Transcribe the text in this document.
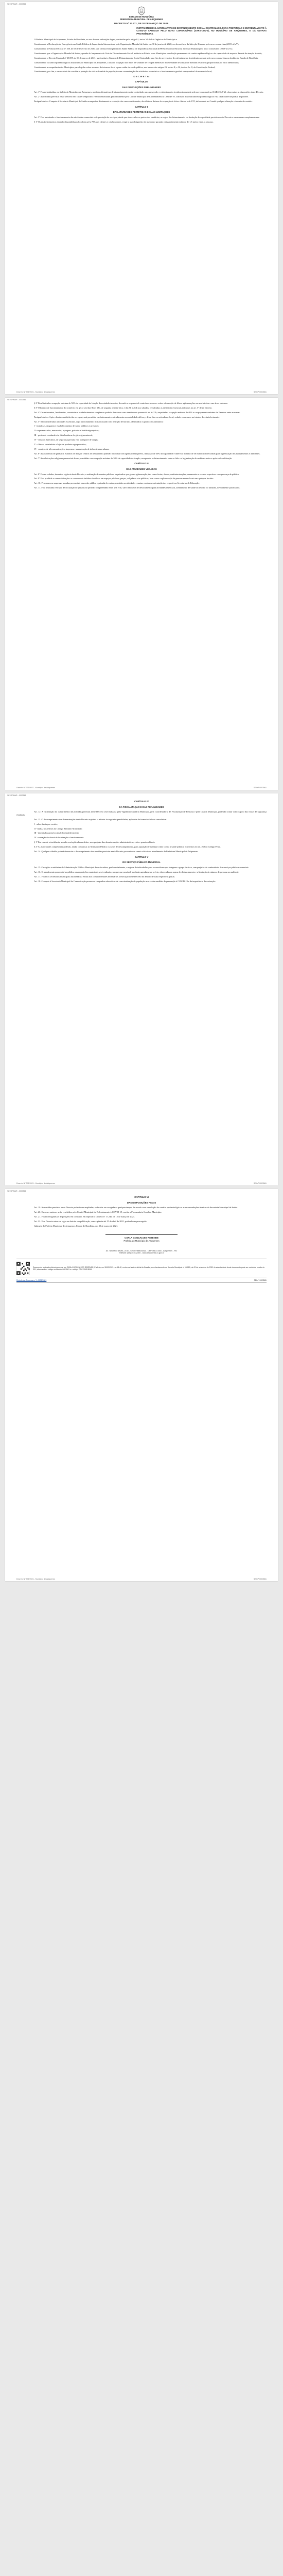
SEI/SPMAR - 0003561
ESTADO DE RONDÔNIA
PREFEITURA MUNICIPAL DE ARIQUEMES
DECRETO Nº 17.371, DE 30 DE MARÇO DE 2021.
INSTITUI MEDIDAS ALTERNATIVAS DE DISTANCIAMENTO SOCIAL CONTROLADO, PARA PREVENÇÃO E ENFRENTAMENTO À COVID-19 CAUSADA PELO NOVO CORONAVÍRUS (SARS-COV-2), NO MUNICÍPIO DE ARIQUEMES, E DÁ OUTRAS PROVIDÊNCIAS.

O Prefeito Municipal de Ariquemes, Estado de Rondônia, no uso de suas atribuições legais, conferidas pelo artigo 61, inciso VI da Lei Orgânica do Município e

Considerando a Declaração de Emergência em Saúde Pública de Importância Internacional pela Organização Mundial da Saúde em 30 de janeiro de 2020, em decorrência da Infecção Humana pelo novo coronavírus (2019-nCoV);

Considerando a Portaria MS/GM nº 188, de 03 de fevereiro de 2020, que Declara Emergência em Saúde Pública de Importância Nacional (ESPIN) em decorrência da Infecção Humana pelo novo coronavírus (2019-nCoV);

Considerando que a Organização Mundial de Saúde, quando do lançamento do Guia de Distanciamento Social, atribuiu ao Estado e aos Municípios a avaliação permanente do cenário epidemiológico e da capacidade de resposta da rede de atenção à saúde;

Considerando o Decreto Estadual nº 25.859, de 06 de março de 2021, que institui o Sistema de Distanciamento Social Controlado para fins de prevenção e de enfrentamento à epidemia causada pelo novo coronavírus no âmbito do Estado de Rondônia;

Considerando os dados epidemiológicos atualizados do Município de Ariquemes, a taxa de ocupação dos leitos de Unidade de Terapia Intensiva e a necessidade de adoção de medidas restritivas proporcionais ao risco identificado;

Considerando a competência dos Municípios para legislar sobre assuntos de interesse local e para cuidar da saúde pública, nos termos dos artigos 23, inciso II, e 30, incisos I e II, da Constituição Federal;

Considerando, por fim, a necessidade de conciliar a proteção da vida e da saúde da população com a manutenção das atividades essenciais e o funcionamento gradual e responsável da economia local;

D E C R E T A:
CAPÍTULO I
DAS DISPOSIÇÕES PRELIMINARES

Art. 1º Ficam instituídas, no âmbito do Município de Ariquemes, medidas alternativas de distanciamento social controlado, para prevenção e enfrentamento à epidemia causada pelo novo coronavírus (SARS-CoV-2), observadas as disposições deste Decreto.

Art. 2º As medidas previstas neste Decreto têm caráter temporário e serão reavaliadas periodicamente pelo Comitê Municipal de Enfrentamento à COVID-19, com base nos indicadores epidemiológicos e na capacidade hospitalar disponível.

Parágrafo único. Compete à Secretaria Municipal de Saúde acompanhar diariamente a evolução dos casos confirmados, dos óbitos e da taxa de ocupação de leitos clínicos e de UTI, informando ao Comitê qualquer alteração relevante do cenário.

CAPÍTULO II
DAS ATIVIDADES PERMITIDAS E SUAS LIMITAÇÕES

Art. 3º Fica autorizado o funcionamento das atividades comerciais e de prestação de serviços, desde que observados os protocolos sanitários, as regras de distanciamento e a limitação de capacidade previstos neste Decreto e nas normas complementares.

§ 1º Os estabelecimentos deverão disponibilizar álcool em gel a 70% aos clientes e colaboradores, exigir o uso obrigatório de máscara e garantir o distanciamento mínimo de 1,5 metro entre as pessoas.

Decreto N° 371/2021 - Município de Ariquemes	SEI nº 0003561
SEI/SPMAR - 0003561

§ 2º Fica limitada a ocupação máxima de 50% da capacidade de lotação dos estabelecimentos, devendo o responsável controlar o acesso e evitar a formação de filas e aglomerações em seu interior e nas áreas externas.

§ 3º O horário de funcionamento do comércio em geral será das 8h às 18h, de segunda a sexta-feira, e das 8h às 14h aos sábados, ressalvadas as atividades essenciais definidas no art. 5º deste Decreto.

Art. 4º Os restaurantes, lanchonetes, sorveterias e estabelecimentos congêneres poderão funcionar com atendimento presencial até às 21h, respeitada a ocupação máxima de 40% e o espaçamento mínimo de 2 metros entre as mesas.

Parágrafo único. Após o horário estabelecido no caput, será permitido exclusivamente o atendimento na modalidade delivery, drive-thru ou retirada no local, vedado o consumo no interior do estabelecimento.

Art. 5º São consideradas atividades essenciais, cujo funcionamento fica autorizado sem restrição de horário, observados os protocolos sanitários:

I - farmácias, drogarias e estabelecimentos de saúde públicos e privados;

II - supermercados, mercearias, açougues, padarias e hortifrutigranjeiros;

III - postos de combustíveis, distribuidoras de gás e água mineral;

IV - serviços funerários, de segurança privada e de transporte de cargas;

V - clínicas veterinárias e lojas de produtos agropecuários;

VI - serviços de telecomunicações, imprensa e manutenção de infraestrutura urbana.

Art. 6º As academias de ginástica, estúdios de dança e centros de treinamento poderão funcionar com agendamento prévio, limitação de 30% da capacidade e intervalo mínimo de 30 minutos entre turmas para higienização dos equipamentos e ambientes.

Art. 7º As celebrações religiosas presenciais ficam permitidas com ocupação máxima de 30% da capacidade do templo, assegurado o distanciamento entre os fiéis e a higienização do ambiente antes e após cada celebração.

CAPÍTULO III
DAS ATIVIDADES VEDADAS

Art. 8º Ficam vedados, durante a vigência deste Decreto, a realização de eventos públicos ou privados que gerem aglomeração, tais como festas, shows, confraternizações, casamentos e eventos esportivos com presença de público.

Art. 9º Fica proibida a comercialização e o consumo de bebidas alcoólicas em espaços públicos, praças, calçadas e vias públicas, bem como a aglomeração de pessoas nesses locais em qualquer horário.

Art. 10. Permanecem suspensas as aulas presenciais nas redes pública e privada de ensino, mantidas as atividades remotas, conforme orientação das respectivas Secretarias de Educação.

Art. 11. Fica instituída restrição de circulação de pessoas no período compreendido entre 23h e 5h, salvo em casos de deslocamento para atividades essenciais, atendimento de saúde ou retorno do trabalho, devidamente justificados.

Decreto N° 371/2021 - Município de Ariquemes	SEI nº 0003561
SEI/SPMAR - 0003561
CAPÍTULO IV
DA FISCALIZAÇÃO E DAS PENALIDADES

Art. 12. A fiscalização do cumprimento das medidas previstas neste Decreto será realizada pela Vigilância Sanitária Municipal, pela Coordenadoria de Fiscalização de Posturas e pela Guarda Municipal, podendo contar com o apoio das forças de segurança estaduais.

Art. 13. O descumprimento das determinações deste Decreto sujeitará o infrator às seguintes penalidades, aplicadas de forma isolada ou cumulativa:

I - advertência por escrito;

II - multa, nos termos do Código Sanitário Municipal;

III - interdição parcial ou total do estabelecimento;

IV - cassação do alvará de localização e funcionamento.

§ 1º Em caso de reincidência, a multa será aplicada em dobro, sem prejuízo das demais sanções administrativas, civis e penais cabíveis.

§ 2º As autoridades competentes poderão, ainda, comunicar ao Ministério Público os casos de descumprimento, para apuração de eventual crime contra a saúde pública, nos termos do art. 268 do Código Penal.

Art. 14. Qualquer cidadão poderá denunciar o descumprimento das medidas previstas neste Decreto por meio dos canais oficiais de atendimento da Prefeitura Municipal de Ariquemes.

CAPÍTULO V
DO SERVIÇO PÚBLICO MUNICIPAL

Art. 15. Os órgãos e entidades da Administração Pública Municipal deverão adotar, preferencialmente, o regime de teletrabalho para os servidores que integrem o grupo de risco, sem prejuízo da continuidade dos serviços públicos essenciais.

Art. 16. O atendimento presencial ao público nas repartições municipais será realizado, sempre que possível, mediante agendamento prévio, observadas as regras de distanciamento e a limitação do número de pessoas no ambiente.

Art. 17. Ficam os secretários municipais autorizados a editar atos complementares necessários à execução deste Decreto no âmbito de suas respectivas pastas.

Art. 18. Compete à Secretaria Municipal de Comunicação promover campanhas educativas de conscientização da população acerca das medidas de prevenção à COVID-19 e da importância da vacinação.

Decreto N° 371/2021 - Município de Ariquemes	SEI nº 0003561
SEI/SPMAR - 0003561
CAPÍTULO VI
DAS DISPOSIÇÕES FINAIS

Art. 19. As medidas previstas neste Decreto poderão ser ampliadas, reduzidas ou revogadas a qualquer tempo, de acordo com a evolução do cenário epidemiológico e as recomendações técnicas da Secretaria Municipal de Saúde.

Art. 20. Os casos omissos serão resolvidos pelo Comitê Municipal de Enfrentamento à COVID-19, ouvida a Procuradoria-Geral do Município.

Art. 21. Ficam revogadas as disposições em contrário, em especial o Decreto nº 17.240, de 12 de março de 2021.

Art. 22. Este Decreto entra em vigor na data de sua publicação, com vigência até 15 de abril de 2021, podendo ser prorrogado.

Gabinete do Prefeito Municipal de Ariquemes, Estado de Rondônia, em 30 de março de 2021.

CARLA GONÇALVES REZENDE
Prefeita do Município de Ariquemes
Av. Tancredo Neves, 2166 - Setor Institucional - CEP 76872-854 - Ariquemes - RO
Telefone: (69) 3516-2300 - www.ariquemes.ro.gov.br
Documento assinado eletronicamente por CARLA GONÇALVES REZENDE, Prefeita, em 30/03/2021, às 18:42, conforme horário oficial de Brasília, com fundamento no Decreto Municipal nº 16.215, de 02 de setembro de 2020. A autenticidade deste documento pode ser conferida no site do SEI, informando o código verificador 0003561 e o código CRC 7A2F4B19.
Referência: Processo nº 1-9905/2021	SEI nº 0003561
Decreto N° 371/2021 - Município de Ariquemes	SEI nº 0003561
